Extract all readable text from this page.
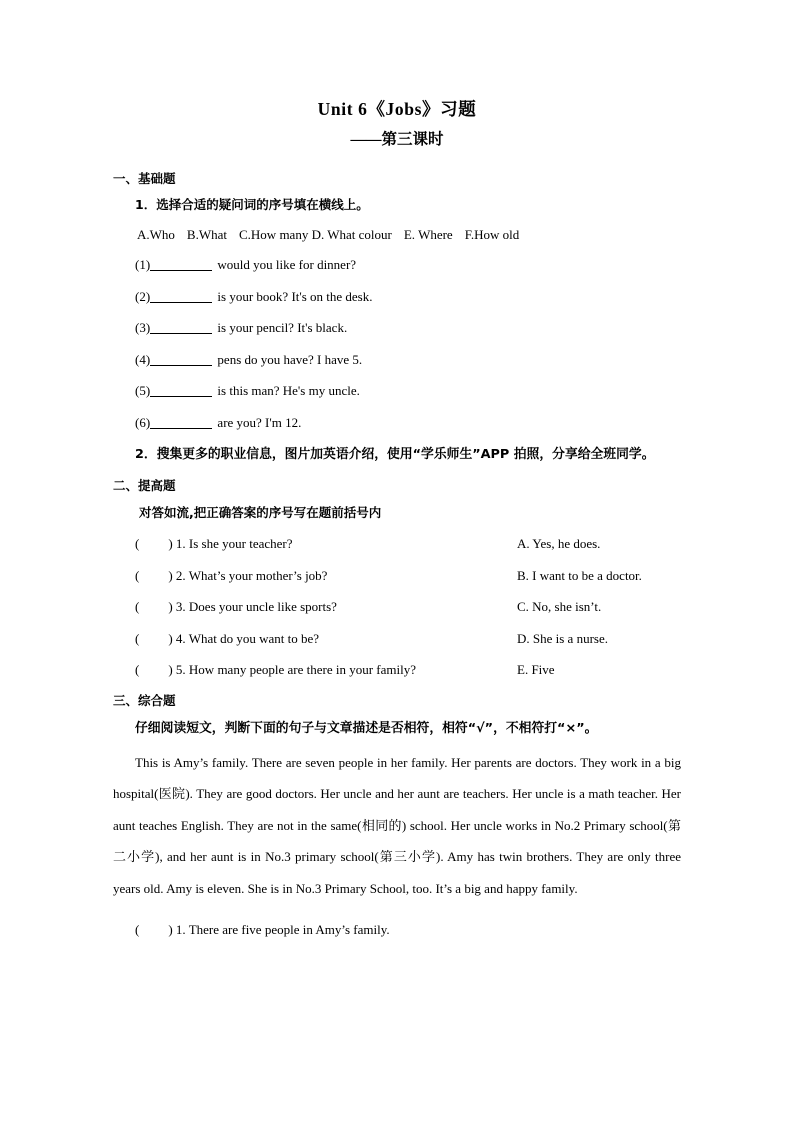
Unit 6《Jobs》习题
——第三课时
一、基础题
1．选择合适的疑问词的序号填在横线上。
A.Who B.What C.How many D. What colour E. Where F.How old
(1)	would you like for dinner?
(2)	is your book? It's on the desk.
(3)	is your pencil? It's black.
(4)	pens do you have? I have 5.
(5)	is this man? He's my uncle.
(6)	are you? I'm 12.
2．搜集更多的职业信息，图片加英语介绍，使用“学乐师生”APP 拍照，分享给全班同学。
二、提高题
对答如流,把正确答案的序号写在题前括号内
( ) 1. Is she your teacher?	A. Yes, he does.
( ) 2. What’s your mother’s job?	B. I want to be a doctor.
( ) 3. Does your uncle like sports?	C. No, she isn’t.
( ) 4. What do you want to be?	D. She is a nurse.
( ) 5. How many people are there in your family?	E. Five
三、综合题
仔细阅读短文，判断下面的句子与文章描述是否相符，相符“√”，不相符打“×”。
This is Amy’s family. There are seven people in her family. Her parents are doctors. They work in a big hospital(医院). They are good doctors. Her uncle and her aunt are teachers. Her uncle is a math teacher. Her aunt teaches English. They are not in the same(相同的) school. Her uncle works in No.2 Primary school(第二小学), and her aunt is in No.3 primary school(第三小学). Amy has twin brothers. They are only three years old. Amy is eleven. She is in No.3 Primary School, too. It’s a big and happy family.
( ) 1. There are five people in Amy’s family.
